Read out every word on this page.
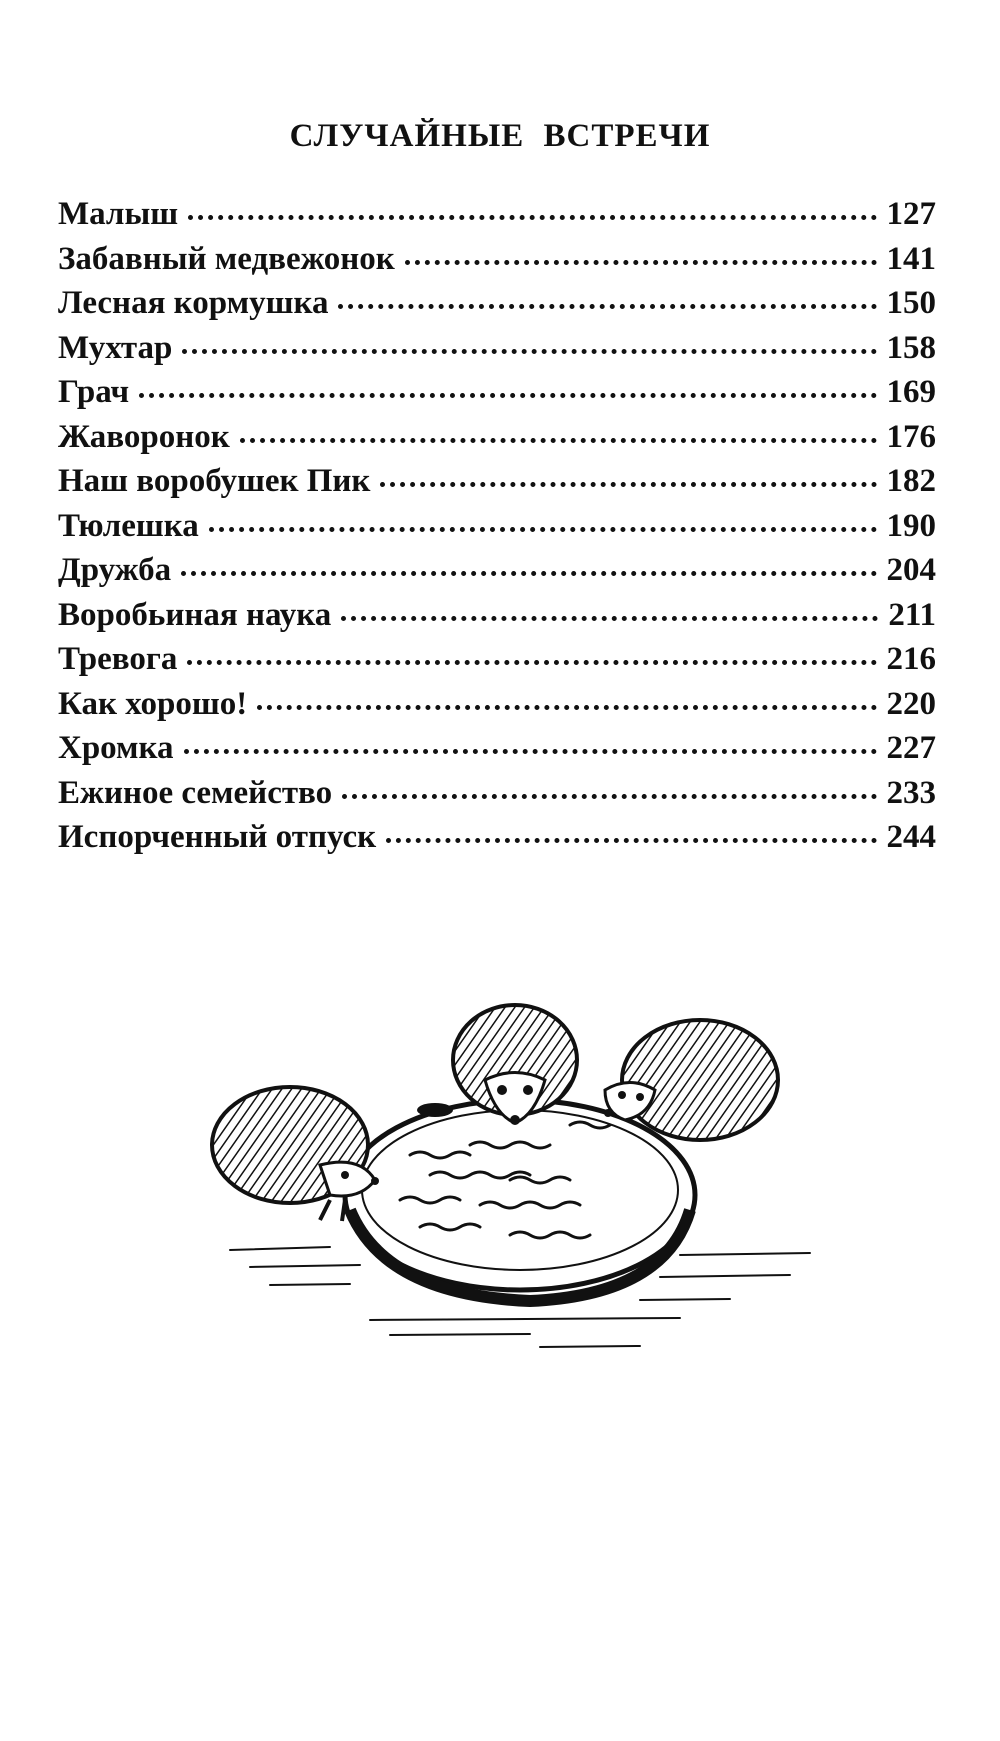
СЛУЧАЙНЫЕ ВСТРЕЧИ
Малыш	127
Забавный медвежонок	141
Лесная кормушка	150
Мухтар	158
Грач	169
Жаворонок	176
Наш воробушек Пик	182
Тюлешка	190
Дружба	204
Воробьиная наука	211
Тревога	216
Как хорошо!	220
Хромка	227
Ежиное семейство	233
Испорченный отпуск	244
